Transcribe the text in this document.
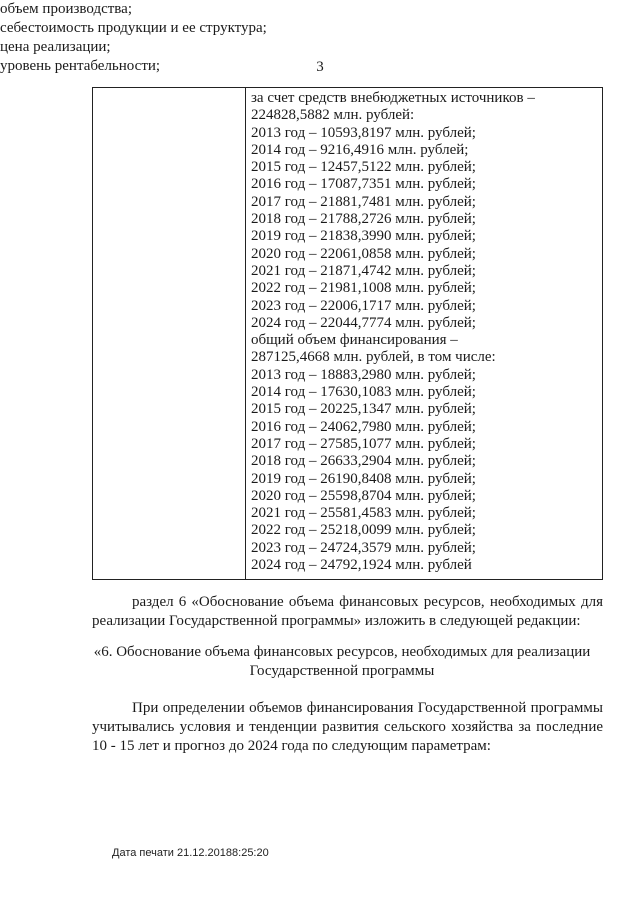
3
за счет средств внебюджетных источников –
224828,5882 млн. рублей:
2013 год – 10593,8197 млн. рублей;
2014 год – 9216,4916 млн. рублей;
2015 год – 12457,5122 млн. рублей;
2016 год – 17087,7351 млн. рублей;
2017 год – 21881,7481 млн. рублей;
2018 год – 21788,2726 млн. рублей;
2019 год – 21838,3990 млн. рублей;
2020 год – 22061,0858 млн. рублей;
2021 год – 21871,4742 млн. рублей;
2022 год – 21981,1008 млн. рублей;
2023 год – 22006,1717 млн. рублей;
2024 год – 22044,7774 млн. рублей;
общий объем финансирования –
287125,4668 млн. рублей, в том числе:
2013 год – 18883,2980 млн. рублей;
2014 год – 17630,1083 млн. рублей;
2015 год – 20225,1347 млн. рублей;
2016 год – 24062,7980 млн. рублей;
2017 год – 27585,1077 млн. рублей;
2018 год – 26633,2904 млн. рублей;
2019 год – 26190,8408 млн. рублей;
2020 год – 25598,8704 млн. рублей;
2021 год – 25581,4583 млн. рублей;
2022 год – 25218,0099 млн. рублей;
2023 год – 24724,3579 млн. рублей;
2024 год – 24792,1924 млн. рублей
раздел 6 «Обоснование объема финансовых ресурсов, необходимых для реализации Государственной программы» изложить в следующей редакции:
«6. Обоснование объема финансовых ресурсов, необходимых для реализации Государственной программы
При определении объемов финансирования Государственной программы учитывались условия и тенденции развития сельского хозяйства за последние 10 - 15 лет и прогноз до 2024 года по следующим параметрам:
объем производства;
себестоимость продукции и ее структура;
цена реализации;
уровень рентабельности;
Дата печати 21.12.20188:25:20
